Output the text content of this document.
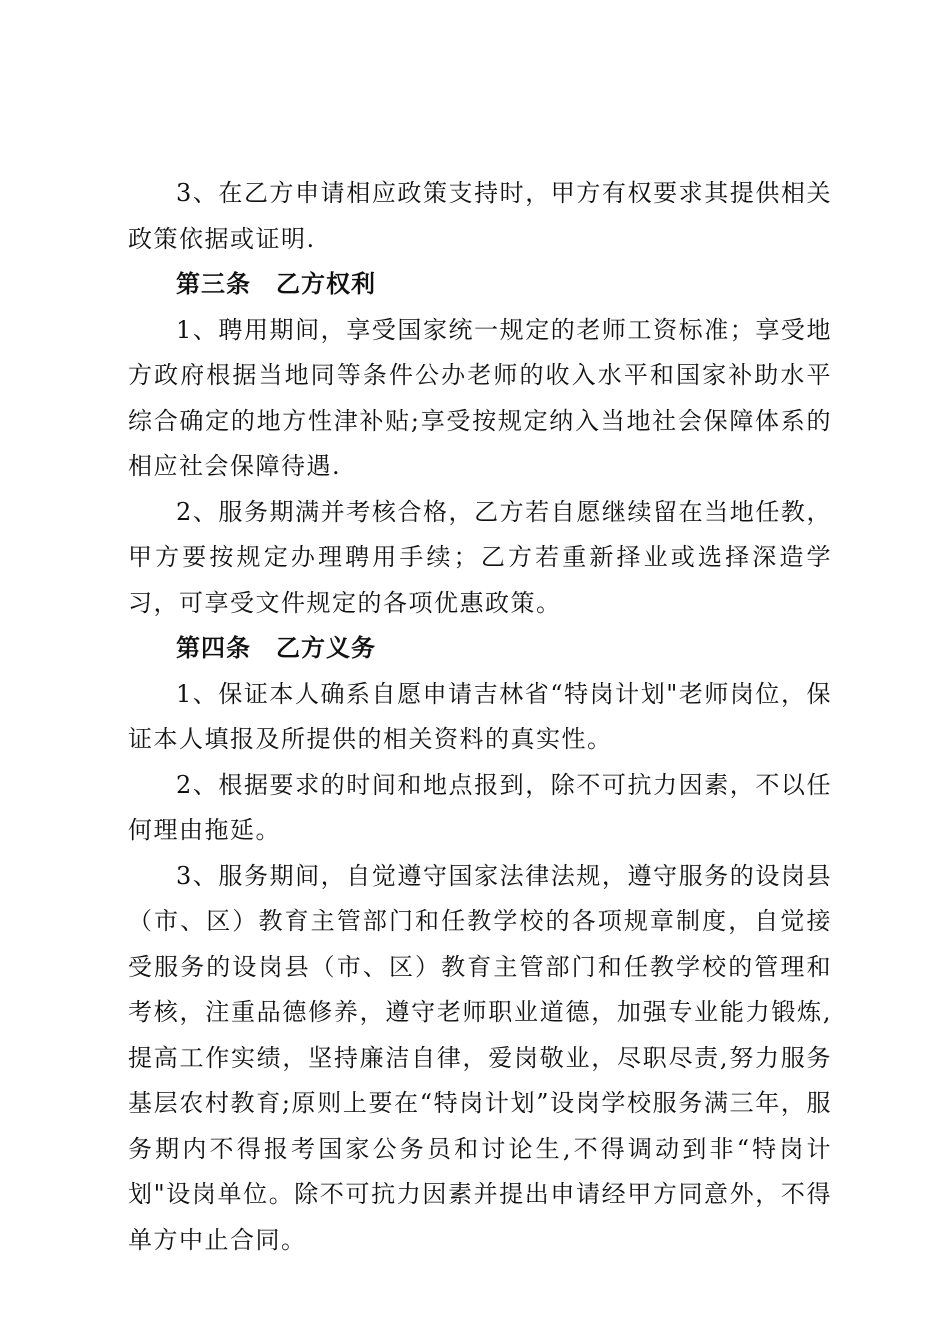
3、在乙方申请相应政策支持时，甲方有权要求其提供相关政策依据或证明.

第三条　乙方权利

1、聘用期间，享受国家统一规定的老师工资标准；享受地方政府根据当地同等条件公办老师的收入水平和国家补助水平综合确定的地方性津补贴;享受按规定纳入当地社会保障体系的相应社会保障待遇.

2、服务期满并考核合格，乙方若自愿继续留在当地任教，甲方要按规定办理聘用手续；乙方若重新择业或选择深造学习，可享受文件规定的各项优惠政策。

第四条　乙方义务

1、保证本人确系自愿申请吉林省“特岗计划"老师岗位，保证本人填报及所提供的相关资料的真实性。

2、根据要求的时间和地点报到，除不可抗力因素，不以任何理由拖延。

3、服务期间，自觉遵守国家法律法规，遵守服务的设岗县（市、区）教育主管部门和任教学校的各项规章制度，自觉接受服务的设岗县（市、区）教育主管部门和任教学校的管理和考核，注重品德修养，遵守老师职业道德，加强专业能力锻炼,提高工作实绩，坚持廉洁自律，爱岗敬业，尽职尽责,努力服务基层农村教育;原则上要在“特岗计划”设岗学校服务满三年，服务期内不得报考国家公务员和讨论生,不得调动到非“特岗计划"设岗单位。除不可抗力因素并提出申请经甲方同意外，不得单方中止合同。
